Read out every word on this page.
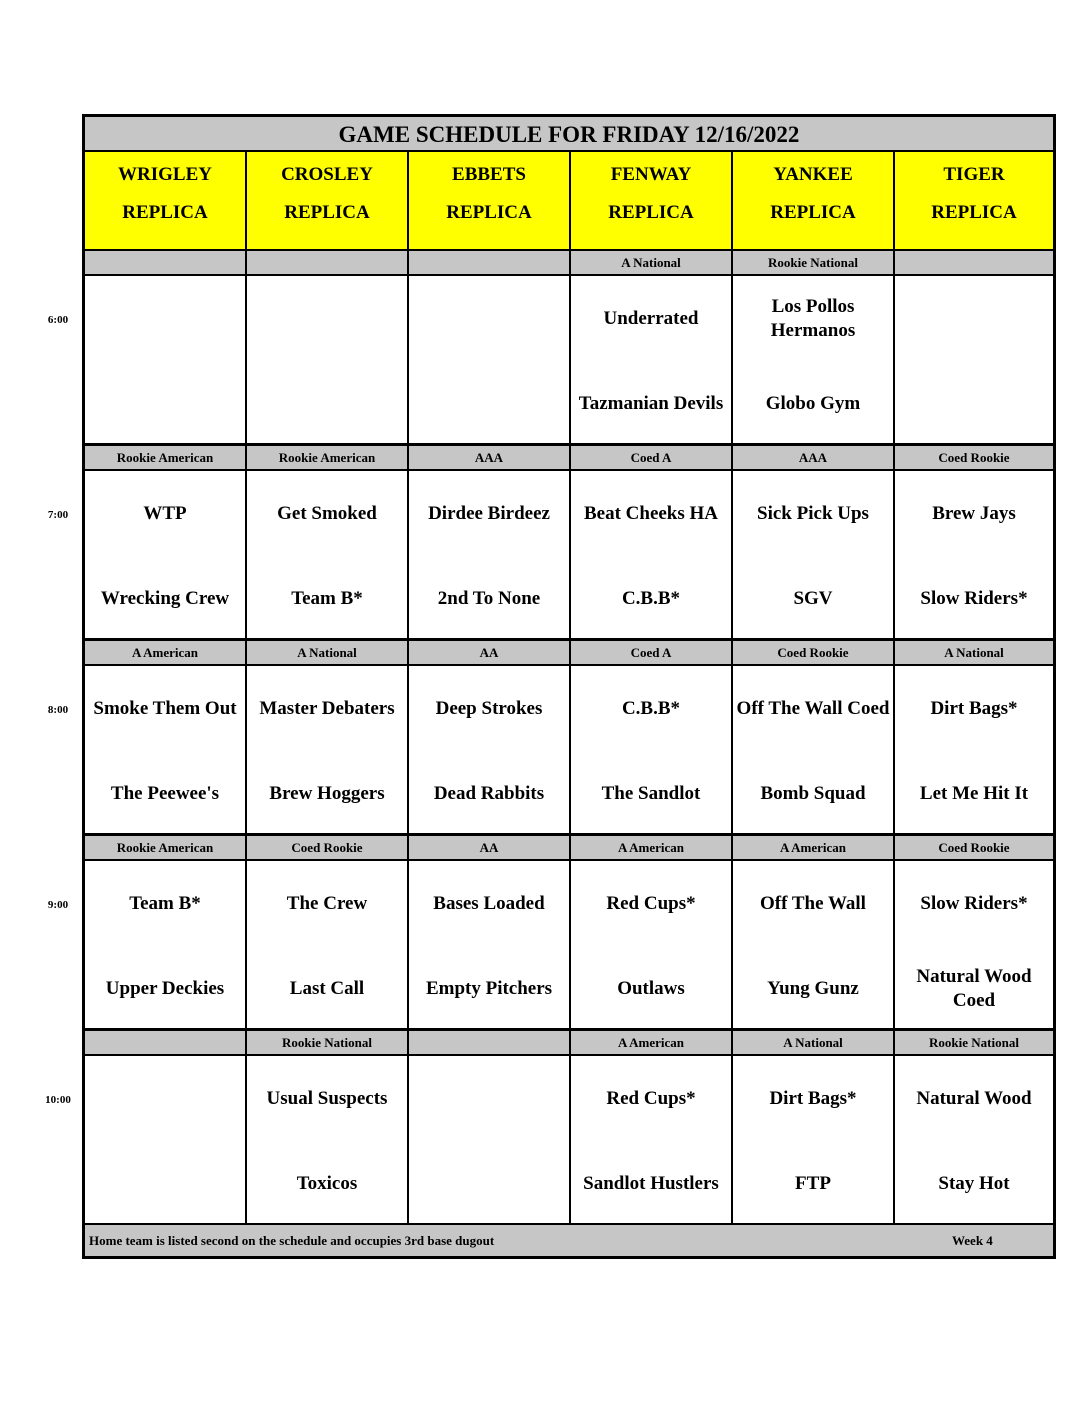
6:00
7:00
8:00
9:00
10:00
GAME SCHEDULE FOR FRIDAY 12/16/2022
WRIGLEY
REPLICA
CROSLEY
REPLICA
EBBETS
REPLICA
FENWAY
REPLICA
YANKEE
REPLICA
TIGER
REPLICA
A National
Underrated
Tazmanian Devils
Rookie National
Los Pollos Hermanos
Globo Gym
Rookie American
WTP
Wrecking Crew
Rookie American
Get Smoked
Team B*
AAA
Dirdee Birdeez
2nd To None
Coed A
Beat Cheeks HA
C.B.B*
AAA
Sick Pick Ups
SGV
Coed Rookie
Brew Jays
Slow Riders*
A American
Smoke Them Out
The Peewee's
A National
Master Debaters
Brew Hoggers
AA
Deep Strokes
Dead Rabbits
Coed A
C.B.B*
The Sandlot
Coed Rookie
Off The Wall Coed
Bomb Squad
A National
Dirt Bags*
Let Me Hit It
Rookie American
Team B*
Upper Deckies
Coed Rookie
The Crew
Last Call
AA
Bases Loaded
Empty Pitchers
A American
Red Cups*
Outlaws
A American
Off The Wall
Yung Gunz
Coed Rookie
Slow Riders*
Natural Wood Coed
Rookie National
Usual Suspects
Toxicos
A American
Red Cups*
Sandlot Hustlers
A National
Dirt Bags*
FTP
Rookie National
Natural Wood
Stay Hot
Home team is listed second on the schedule and occupies 3rd base dugout	Week 4
